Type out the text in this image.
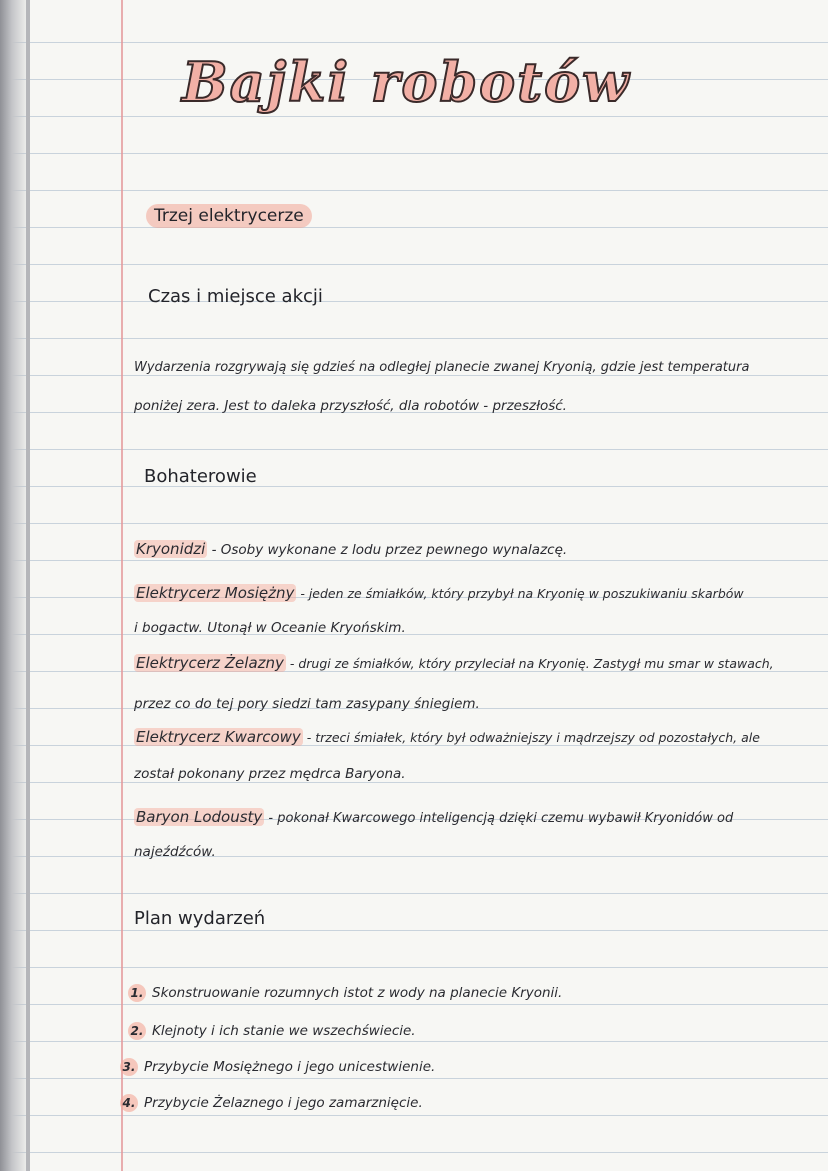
Bajki robotów
Trzej elektrycerze
Czas i miejsce akcji
Wydarzenia rozgrywają się gdzieś na odległej planecie zwanej Kryonią, gdzie jest temperatura
poniżej zera. Jest to daleka przyszłość, dla robotów - przeszłość.
Bohaterowie
Kryonidzi - Osoby wykonane z lodu przez pewnego wynalazcę.
Elektrycerz Mosiężny - jeden ze śmiałków, który przybył na Kryonię w poszukiwaniu skarbów
i bogactw. Utonął w Oceanie Kryońskim.
Elektrycerz Żelazny - drugi ze śmiałków, który przyleciał na Kryonię. Zastygł mu smar w stawach,
przez co do tej pory siedzi tam zasypany śniegiem.
Elektrycerz Kwarcowy - trzeci śmiałek, który był odważniejszy i mądrzejszy od pozostałych, ale
został pokonany przez mędrca Baryona.
Baryon Lodousty - pokonał Kwarcowego inteligencją dzięki czemu wybawił Kryonidów od
najeźdźców.
Plan wydarzeń
1. Skonstruowanie rozumnych istot z wody na planecie Kryonii.
2. Klejnoty i ich stanie we wszechświecie.
3. Przybycie Mosiężnego i jego unicestwienie.
4. Przybycie Żelaznego i jego zamarznięcie.
